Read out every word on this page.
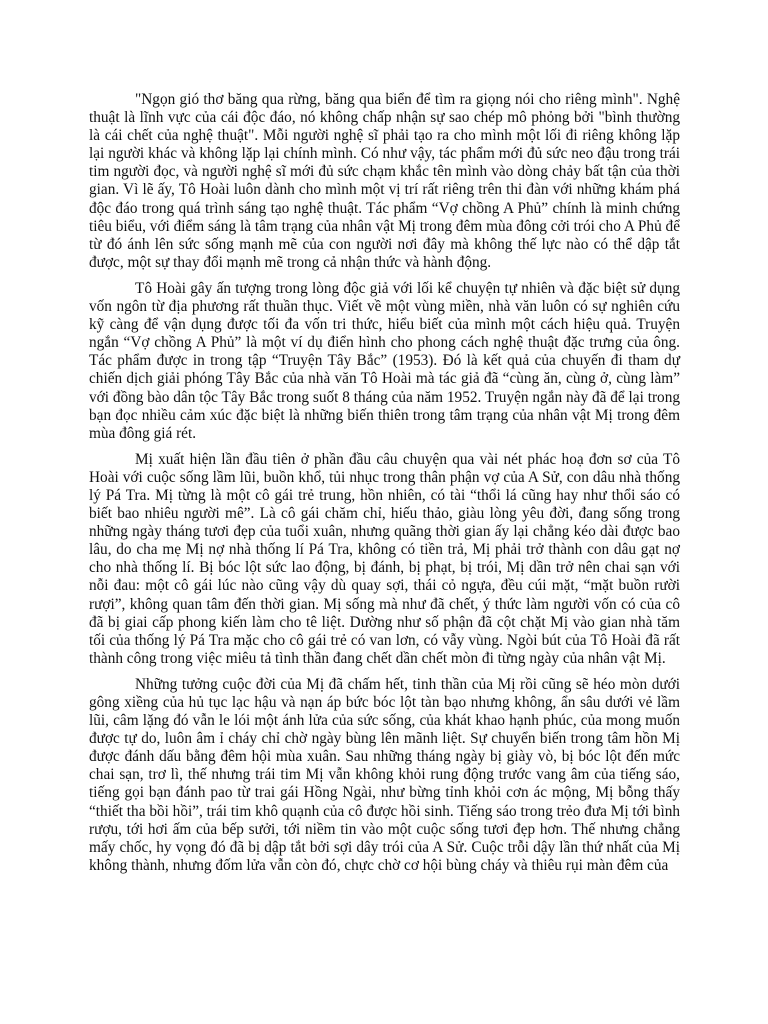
"Ngọn gió thơ băng qua rừng, băng qua biển để tìm ra giọng nói cho riêng mình". Nghệ thuật là lĩnh vực của cái độc đáo, nó không chấp nhận sự sao chép mô phỏng bởi "bình thường là cái chết của nghệ thuật". Mỗi người nghệ sĩ phải tạo ra cho mình một lối đi riêng không lặp lại người khác và không lặp lại chính mình. Có như vậy, tác phẩm mới đủ sức neo đậu trong trái tim người đọc, và người nghệ sĩ mới đủ sức chạm khắc tên mình vào dòng chảy bất tận của thời gian. Vì lẽ ấy, Tô Hoài luôn dành cho mình một vị trí rất riêng trên thi đàn với những khám phá độc đáo trong quá trình sáng tạo nghệ thuật. Tác phẩm “Vợ chồng A Phủ” chính là minh chứng tiêu biểu, với điểm sáng là tâm trạng của nhân vật Mị trong đêm mùa đông cởi trói cho A Phủ để từ đó ánh lên sức sống mạnh mẽ của con người nơi đây mà không thế lực nào có thể dập tắt được, một sự thay đổi mạnh mẽ trong cả nhận thức và hành động.

Tô Hoài gây ấn tượng trong lòng độc giả với lối kể chuyện tự nhiên và đặc biệt sử dụng vốn ngôn từ địa phương rất thuần thục. Viết về một vùng miền, nhà văn luôn có sự nghiên cứu kỹ càng để vận dụng được tối đa vốn tri thức, hiểu biết của mình một cách hiệu quả. Truyện ngắn “Vợ chồng A Phủ” là một ví dụ điển hình cho phong cách nghệ thuật đặc trưng của ông. Tác phẩm được in trong tập “Truyện Tây Bắc” (1953). Đó là kết quả của chuyến đi tham dự chiến dịch giải phóng Tây Bắc của nhà văn Tô Hoài mà tác giả đã “cùng ăn, cùng ở, cùng làm” với đồng bào dân tộc Tây Bắc trong suốt 8 tháng của năm 1952. Truyện ngắn này đã để lại trong bạn đọc nhiều cảm xúc đặc biệt là những biến thiên trong tâm trạng của nhân vật Mị trong đêm mùa đông giá rét.

Mị xuất hiện lần đầu tiên ở phần đầu câu chuyện qua vài nét phác hoạ đơn sơ của Tô Hoài với cuộc sống lầm lũi, buồn khổ, tủi nhục trong thân phận vợ của A Sử, con dâu nhà thống lý Pá Tra. Mị từng là một cô gái trẻ trung, hồn nhiên, có tài “thổi lá cũng hay như thổi sáo có biết bao nhiêu người mê”. Là cô gái chăm chỉ, hiếu thảo, giàu lòng yêu đời, đang sống trong những ngày tháng tươi đẹp của tuổi xuân, nhưng quãng thời gian ấy lại chẳng kéo dài được bao lâu, do cha mẹ Mị nợ nhà thống lí Pá Tra, không có tiền trả, Mị phải trở thành con dâu gạt nợ cho nhà thống lí. Bị bóc lột sức lao động, bị đánh, bị phạt, bị trói, Mị dần trở nên chai sạn với nỗi đau: một cô gái lúc nào cũng vậy dù quay sợi, thái cỏ ngựa, đều cúi mặt, “mặt buồn rười rượi”, không quan tâm đến thời gian. Mị sống mà như đã chết, ý thức làm người vốn có của cô đã bị giai cấp phong kiến làm cho tê liệt. Dường như số phận đã cột chặt Mị vào gian nhà tăm tối của thống lý Pá Tra mặc cho cô gái trẻ có van lơn, có vẫy vùng. Ngòi bút của Tô Hoài đã rất thành công trong việc miêu tả tình thần đang chết dần chết mòn đi từng ngày của nhân vật Mị.

Những tưởng cuộc đời của Mị đã chấm hết, tinh thần của Mị rồi cũng sẽ héo mòn dưới gông xiềng của hủ tục lạc hậu và nạn áp bức bóc lột tàn bạo nhưng không, ẩn sâu dưới vẻ lầm lũi, câm lặng đó vẫn le lói một ánh lửa của sức sống, của khát khao hạnh phúc, của mong muốn được tự do, luôn âm ỉ cháy chỉ chờ ngày bùng lên mãnh liệt. Sự chuyển biến trong tâm hồn Mị được đánh dấu bằng đêm hội mùa xuân. Sau những tháng ngày bị giày vò, bị bóc lột đến mức chai sạn, trơ lì, thế nhưng trái tim Mị vẫn không khỏi rung động trước vang âm của tiếng sáo, tiếng gọi bạn đánh pao từ trai gái Hồng Ngài, như bừng tỉnh khỏi cơn ác mộng, Mị bỗng thấy “thiết tha bồi hồi”, trái tim khô quạnh của cô được hồi sinh. Tiếng sáo trong trẻo đưa Mị tới bình rượu, tới hơi ấm của bếp sưởi, tới niềm tin vào một cuộc sống tươi đẹp hơn. Thế nhưng chẳng mấy chốc, hy vọng đó đã bị dập tắt bởi sợi dây trói của A Sử. Cuộc trỗi dậy lần thứ nhất của Mị không thành, nhưng đốm lửa vẫn còn đó, chực chờ cơ hội bùng cháy và thiêu rụi màn đêm của
